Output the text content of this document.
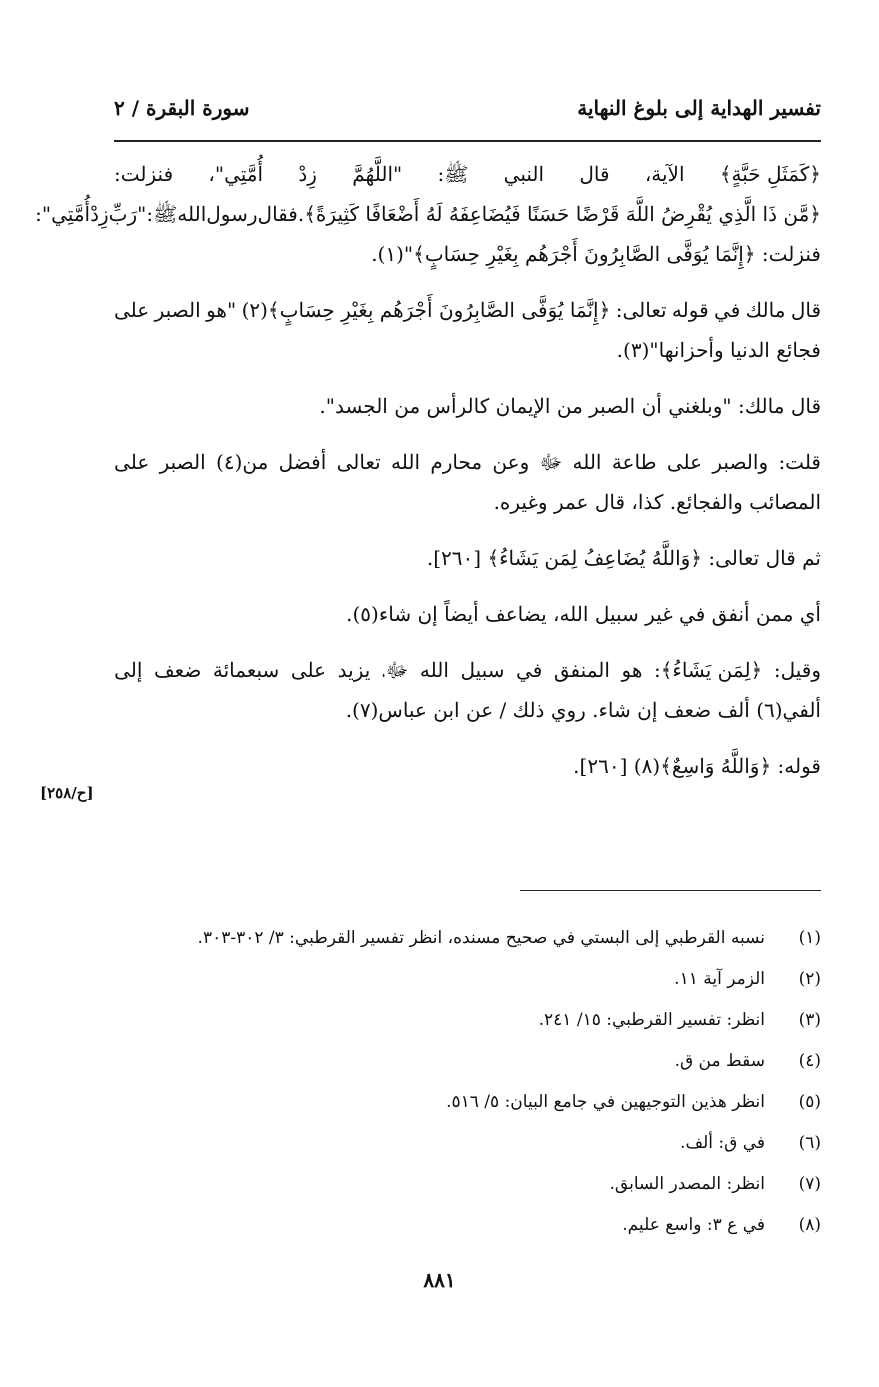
تفسير الهداية إلى بلوغ النهاية
سورة البقرة / ٢
﴿كَمَثَلِ حَبَّةٍ﴾
الآية،
قال
النبي
ﷺ:
"اللَّهُمَّ
زِدْ
أُمَّتِي"،
فنزلت:
﴿مَّن ذَا الَّذِي يُقْرِضُ اللَّهَ قَرْضًا حَسَنًا فَيُضَاعِفَهُ لَهُ أَضْعَافًا كَثِيرَةً﴾.
فقال
رسول
الله
ﷺ:
"رَبِّ
زِدْ
أُمَّتِي":
فنزلت:

﴿إِنَّمَا يُوَفَّى الصَّابِرُونَ أَجْرَهُم بِغَيْرِ حِسَابٍ﴾"(١).
قال
مالك
في
قوله
تعالى:
﴿إِنَّمَا يُوَفَّى الصَّابِرُونَ أَجْرَهُم بِغَيْرِ حِسَابٍ﴾(٢)
"هو
الصبر
على
فجائع

الدنيا

وأحزانها"(٣).
قال

مالك:

"وبلغني

أن

الصبر

من

الإيمان

كالرأس

من

الجسد".
قلت:
والصبر
على
طاعة
الله
ﷻ
وعن
محارم
الله
تعالى
أفضل
من(٤)
الصبر
على
المصائب

والفجائع.

كذا،

قال

عمر

وغيره.
ثم

قال

تعالى:

﴿وَاللَّهُ يُضَاعِفُ لِمَن يَشَاءُ﴾

[٢٦٠].
أي

ممن

أنفق

في

غير

سبيل

الله،

يضاعف

أيضاً

إن

شاء(٥).
وقيل:
﴿لِمَن يَشَاءُ﴾:
هو
المنفق
في
سبيل
الله
ﷻ،
يزيد
على
سبعمائة
ضعف
إلى
ألفي(٦)

ألف

ضعف

إن

شاء.

روي

ذلك

/

عن

ابن

عباس(٧).
قوله:

﴿وَاللَّهُ وَاسِعٌ﴾(٨)

[٢٦٠].
[ح/٢٥٨]
(١)
نسبه القرطبي إلى البستي في صحيح مسنده، انظر تفسير القرطبي: ٣/ ٣٠٢-٣٠٣.
(٢)
الزمر آية ١١.
(٣)
انظر: تفسير القرطبي: ١٥/ ٢٤١.
(٤)
سقط من ق.
(٥)
انظر هذين التوجيهين في جامع البيان: ٥/ ٥١٦.
(٦)
في ق: ألف.
(٧)
انظر: المصدر السابق.
(٨)
في ع ٣: واسع عليم.
٨٨١
